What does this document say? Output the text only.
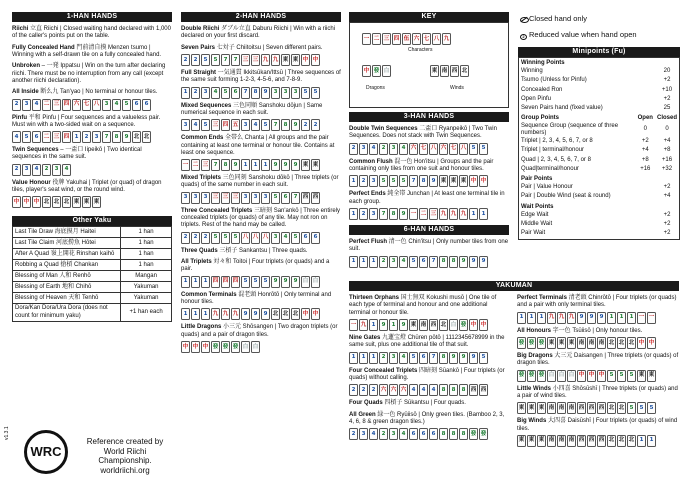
1-HAN HANDS

Riichi 立直 Riichi | Closed waiting hand declared with 1,000 of the caller's points put on the table.

Fully Concealed Hand 門前清自摸 Menzen tsumo | Winning with a self-drawn tile on a fully concealed hand.

Unbroken – 一発 Ippatsu | Win on the turn after declaring riichi. There must be no interruption from any call (except another riichi declaration).

All Inside 断么九 Tan'yao | No terminal or honour tiles.

2	3	4 二 三 四 六 七 八 3	4	5	6	6

Pinfu 平和 Pinfu | Four sequences and a valueless pair. Must win with a two-sided wait on a sequence.

4	5	6 二 三 四 1	2	3	7	8	9 北 北

Twin Sequences – 一盃口 Iipeikō | Two identical sequences in the same suit.

2	3	4	2	3	4

Value Honour 役牌 Yakuhai | Triplet (or quad) of dragon tiles, player's seat wind, or the round wind.

中 中 中 北 北 北 東 東 東
Other Yaku
Last Tile Draw 海底摸月 Haitei	1 han
Last Tile Claim 河底撈魚 Hōtei	1 han
After A Quad 嶺上開花 Rinshan kaihō	1 han
Robbing a Quad 搶槓 Chankan	1 han
Blessing of Man 人和 Renhō	Mangan
Blessing of Earth 地和 Chihō	Yakuman
Blessing of Heaven 天和 Tenhō	Yakuman
Dora/Kan Dora/Ura Dora (does not count for minimum yaku)	+1 han each
WRC
Reference created by
World Riichi Championship.
worldriichi.org
v1.3.1
2-HAN HANDS

Double Riichi ダブル立直 Daburu Riichi | Win with a riichi declared on your first discard.

Seven Pairs 七対子 Chiitoitsu | Seven different pairs.

2	2	5	5	7	7 三 三 九 九 東 東 中 中

Full Straight 一気通貫 Ikkitsūkan/Ittsū | Three sequences of the same suit forming 1-2-3, 4-5-6, and 7-8-9.

1	2	3	4	5	6	7	8	9	3	3	3	5	5

Mixed Sequences 三色同順 Sanshoku dōjun | Same numerical sequence in each suit.

3	4	5 三 四 五 3	4	5	7	8	9	2	2

Common Ends 全帯么 Chanta | All groups and the pair containing at least one terminal or honour tile. Contains at least one sequence.

一 二 三 7	8	9	1	1	1	9	9	9 東 東

Mixed Triplets 三色同刻 Sanshoku dōkō | Three triplets (or quads) of the same number in each suit.

3	3	3 三 三 三 3	3	3	5	6	7 西 西

Three Concealed Triplets 三暗刻 San'ankō | Three entirely concealed triplets (or quads) of any tile. May not ron on triplets. Rest of the hand may be called.

2	2	2	5	5	5 八 八 八 3	4	5	6	6

Three Quads 三槓子 Sankantsu | Three quads.

All Triplets 対々和 Toitoi | Four triplets (or quads) and a pair.

1	1	1 四 四 四 5	5	5	9	9	9 白 白

Common Terminals 混老頭 Honrōtō | Only terminal and honour tiles.

1	1	1 九 九 九 9	9	9 北 北 北 中 中

Little Dragons 小三元 Shōsangen | Two dragon triplets (or quads) and a pair of dragon tiles.

中 中 中 發 發 發 白 白
KEY
一 二 三 四 伍 六 七 八 九
Characters
中 發 白
Dragons
東 南 西 北
Winds
3-HAN HANDS

Double Twin Sequences 二盃口 Ryanpeikō | Two Twin Sequences. Does not stack with Twin Sequences.

2	3	4	2	3	4 六 七 八 六 七 八 5	5

Common Flush 混一色 Hon'itsu | Groups and the pair containing only tiles from one suit and honour tiles.

1	2	3	5	5	5	7	8	9 東 東 東 中 中

Perfect Ends 純全帯 Junchan | At least one terminal tile in each group.

1	2	3	7	8	9 一 二 三 九 九 九 1	1
6-HAN HANDS

Perfect Flush 清一色 Chin'itsu | Only number tiles from one suit.

1	1	1	2	3	4	5	6	7	8	8	9	9	9
YAKUMAN

Thirteen Orphans 国士無双 Kokushi musō | One tile of each type of terminal and honour and one additional terminal or honour tile.

一 九 1	9	1	9 東 南 西 北 白 發 中 中

Nine Gates 九蓮宝燈 Chūren pōtō | 1112345678999 in the same suit, plus one additional tile of that suit.

1	1	1	2	3	4	5	6	7	8	9	9	9	5

Four Concealed Triplets 四暗刻 Sūankō | Four triplets (or quads) without calling.

2	2	2 六 六 六 4	4	4	8	8	8 西 西

Four Quads 四槓子 Sūkantsu | Four quads.

All Green 緑一色 Ryūiisō | Only green tiles. (Bamboo 2, 3, 4, 6, 8 & green dragon tiles.)

2	3	4	2	3	4	6	6	6	8	8	8 發 發

Perfect Terminals 清老頭 Chinrōtō | Four triplets (or quads) and a pair with only terminal tiles.

1	1	1 九 九 九 9	9	9	1	1	1 一 一

All Honours 字一色 Tsūiisō | Only honour tiles.

發 發 發 東 東 東 南 南 南 北 北 北 中 中

Big Dragons 大三元 Daisangen | Three triplets (or quads) of dragon tiles.

發 發 發 白 白 白 中 中 中 5	5	5 東 東

Little Winds 小四喜 Shōsūshī | Three triplets (or quads) and a pair of wind tiles.

東 東 東 南 南 南 西 西 西 北 北 5	5	5

Big Winds 大四喜 Daisūshī | Four triplets (or quads) of wind tiles.

東 東 東 南 南 南 西 西 西 北 北 北 1	1
Closed hand only
2 Reduced value when hand open
Minipoints (Fu)
Winning Points		
Winning		20
Tsumo (Unless for Pinfu)		+2
Concealed Ron		+10
Open Pinfu		+2
Seven Pairs hand (fixed value)		25
Group Points	Open	Closed
Sequence Group (sequence of three numbers)	0	0
Triplet | 2, 3, 4, 5, 6, 7, or 8	+2	+4
Triplet | terminal/honour	+4	+8
Quad | 2, 3, 4, 5, 6, 7, or 8	+8	+16
Quad|terminal/honour	+16	+32
Pair Points		
Pair | Value Honour		+2
Pair | Double Wind (seat & round)		+4
Wait Points		
Edge Wait		+2
Middle Wait		+2
Pair Wait		+2
